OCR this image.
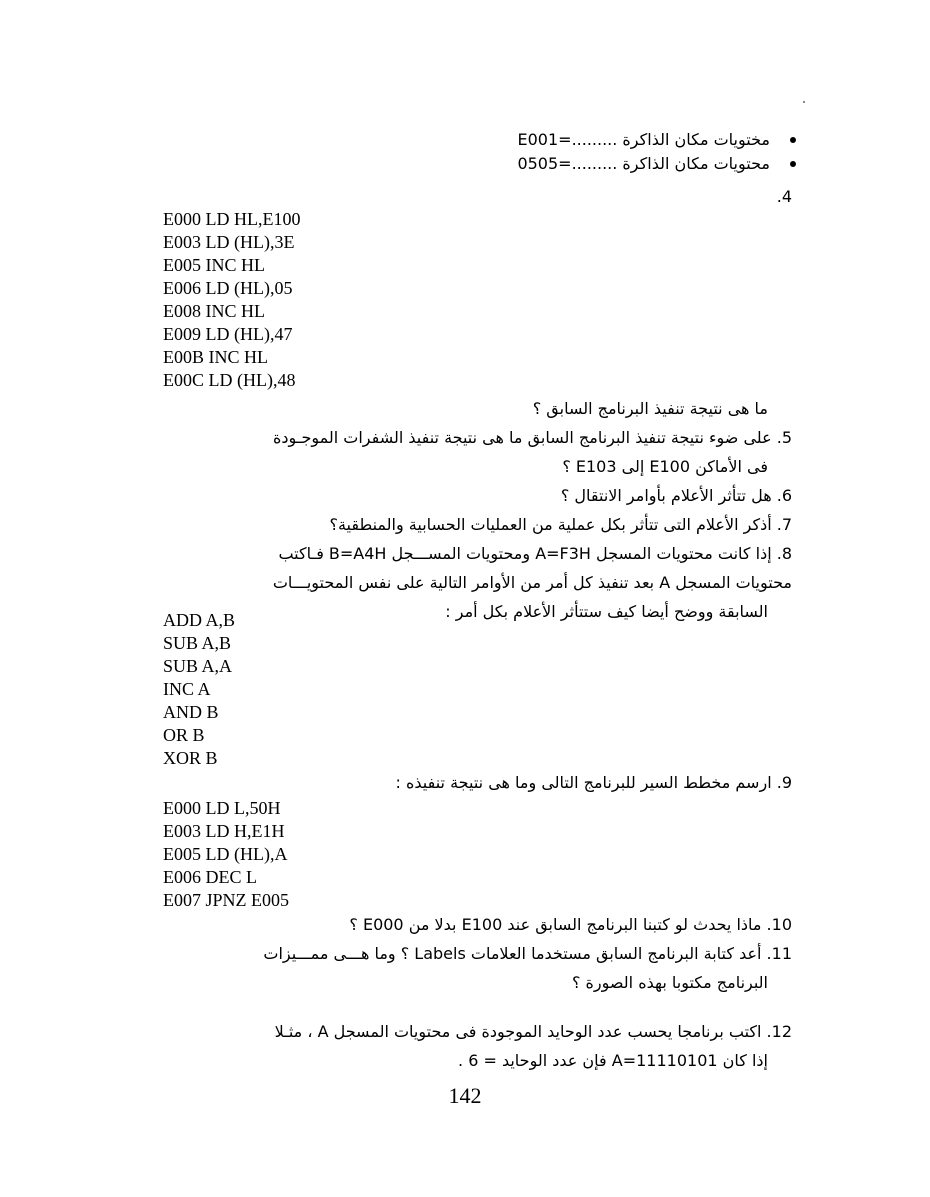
مختويات مكان الذاكرة .........=E001
محتويات مكان الذاكرة .........=0505
.4
E000 LD HL,E100
E003 LD (HL),3E
E005 INC HL
E006 LD (HL),05
E008 INC HL
E009 LD (HL),47
E00B INC HL
E00C LD (HL),48
ما هى نتيجة تنفيذ البرنامج السابق ؟
5. على ضوء نتيجة تنفيذ البرنامج السابق ما هى نتيجة تنفيذ الشفرات الموجـودة
فى الأماكن E100 إلى E103 ؟
6. هل تتأثر الأعلام بأوامر الانتقال ؟
7. أذكر الأعلام التى تتأثر بكل عملية من العمليات الحسابية والمنطقية؟
8. إذا كانت محتويات المسجل A=F3H ومحتويات المســـجل B=A4H فـاكتب
محتويات المسجل A بعد تنفيذ كل أمر من الأوامر التالية على نفس المحتويـــات
السابقة ووضح أيضا كيف ستتأثر الأعلام بكل أمر :
ADD A,B
SUB A,B
SUB A,A
INC A
AND B
OR B
XOR B
9. ارسم مخطط السير للبرنامج التالى وما هى نتيجة تنفيذه :
E000 LD L,50H
E003 LD H,E1H
E005 LD (HL),A
E006 DEC L
E007 JPNZ E005
10. ماذا يحدث لو كتبنا البرنامج السابق عند E100 بدلا من E000 ؟
11. أعد كتابة البرنامج السابق مستخدما العلامات Labels ؟ وما هـــى ممـــيزات
البرنامج مكتوبا بهذه الصورة ؟
12. اكتب برنامجا يحسب عدد الوحايد الموجودة فى محتويات المسجل A ، مثـلا
إذا كان A=11110101 فإن عدد الوحايد = 6 .
142
